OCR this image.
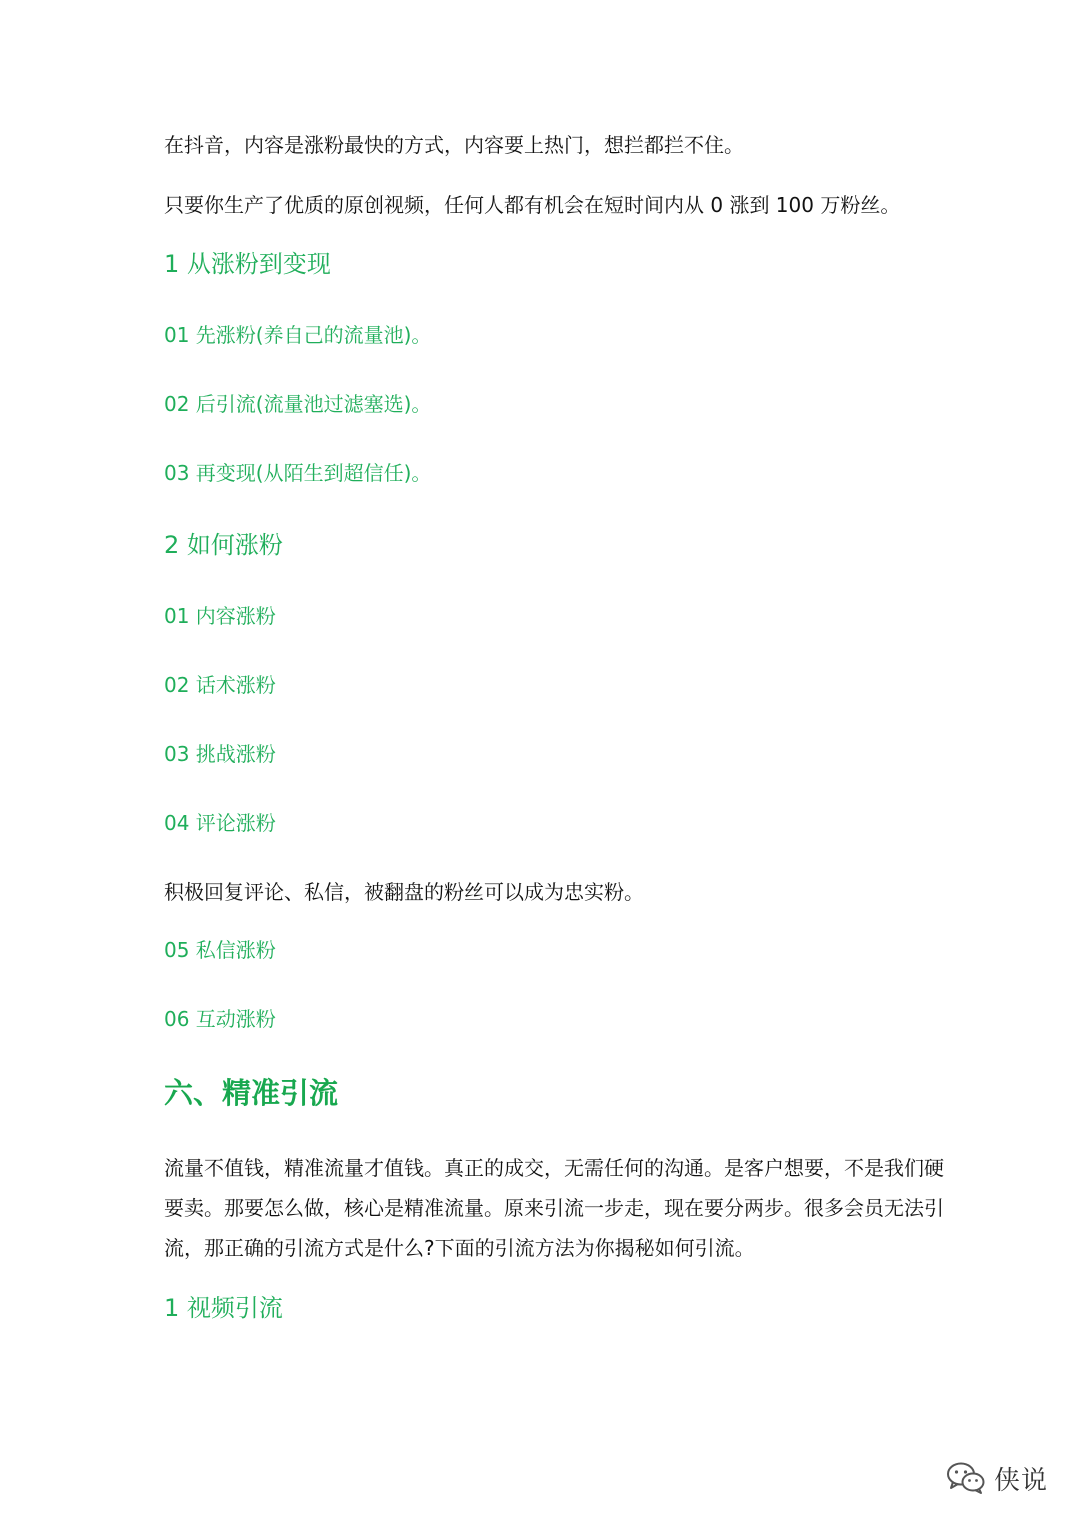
在抖音，内容是涨粉最快的方式，内容要上热门，想拦都拦不住。

只要你生产了优质的原创视频，任何人都有机会在短时间内从 0 涨到 100 万粉丝。

1 从涨粉到变现

01 先涨粉(养自己的流量池)。

02 后引流(流量池过滤塞选)。

03 再变现(从陌生到超信任)。

2 如何涨粉

01 内容涨粉

02 话术涨粉

03 挑战涨粉

04 评论涨粉

积极回复评论、私信，被翻盘的粉丝可以成为忠实粉。

05 私信涨粉

06 互动涨粉

六、精准引流

流量不值钱，精准流量才值钱。真正的成交，无需任何的沟通。是客户想要，不是我们硬要卖。那要怎么做，核心是精准流量。原来引流一步走，现在要分两步。很多会员无法引流，那正确的引流方式是什么?下面的引流方法为你揭秘如何引流。

1 视频引流

侠说
